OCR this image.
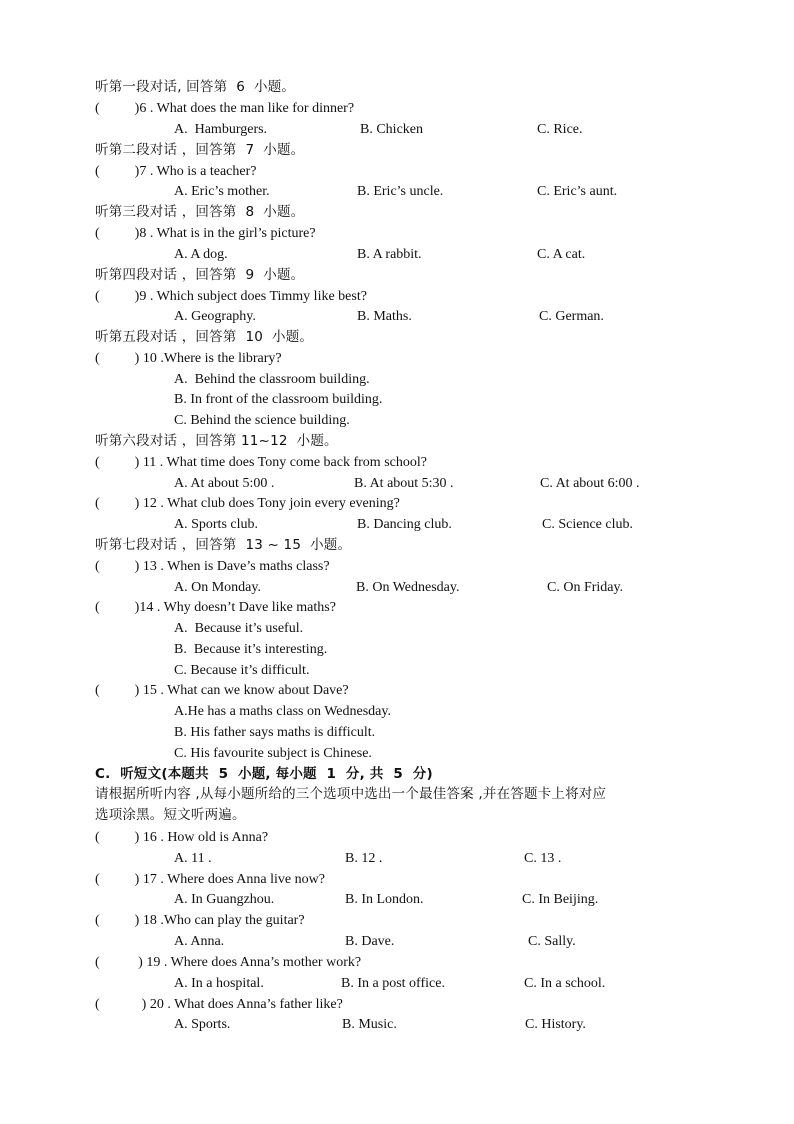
听第一段对话, 回答第  6  小题。
(          )6 . What does the man like for dinner?
A.  Hamburgers.	B. Chicken	C. Rice.
听第二段对话 ，回答第  7  小题。
(          )7 . Who is a teacher?
A. Eric’s mother.	B. Eric’s uncle.	C. Eric’s aunt.
听第三段对话 ，回答第  8  小题。
(          )8 . What is in the girl’s picture?
A. A dog.	B. A rabbit.	C. A cat.
听第四段对话 ，回答第  9  小题。
(          )9 . Which subject does Timmy like best?
A. Geography.	B. Maths.	C. German.
听第五段对话 ，回答第  10  小题。
(          ) 10 .Where is the library?
A.  Behind the classroom building.
B. In front of the classroom building.
C. Behind the science building.
听第六段对话 ，回答第 11~12  小题。
(          ) 11 . What time does Tony come back from school?
A. At about 5:00 .	B. At about 5:30 .	C. At about 6:00 .
(          ) 12 . What club does Tony join every evening?
A. Sports club.	B. Dancing club.	C. Science club.
听第七段对话 ，回答第  13 ~ 15  小题。
(          ) 13 . When is Dave’s maths class?
A. On Monday.	B. On Wednesday.	C. On Friday.
(          )14 . Why doesn’t Dave like maths?
A.  Because it’s useful.
B.  Because it’s interesting.
C. Because it’s difficult.
(          ) 15 . What can we know about Dave?
A.He has a maths class on Wednesday.
B. His father says maths is difficult.
C. His favourite subject is Chinese.
C.  听短文(本题共  5  小题, 每小题  1  分, 共  5  分)
请根据所听内容 ,从每小题所给的三个选项中选出一个最佳答案 ,并在答题卡上将对应
选项涂黑。短文听两遍。
(          ) 16 . How old is Anna?
A. 11 .	B. 12 .	C. 13 .
(          ) 17 . Where does Anna live now?
A. In Guangzhou.	B. In London.	C. In Beijing.
(          ) 18 .Who can play the guitar?
A. Anna.	B. Dave.	C. Sally.
(           ) 19 . Where does Anna’s mother work?
A. In a hospital.	B. In a post office.	C. In a school.
(            ) 20 . What does Anna’s father like?
A. Sports.	B. Music.	C. History.
